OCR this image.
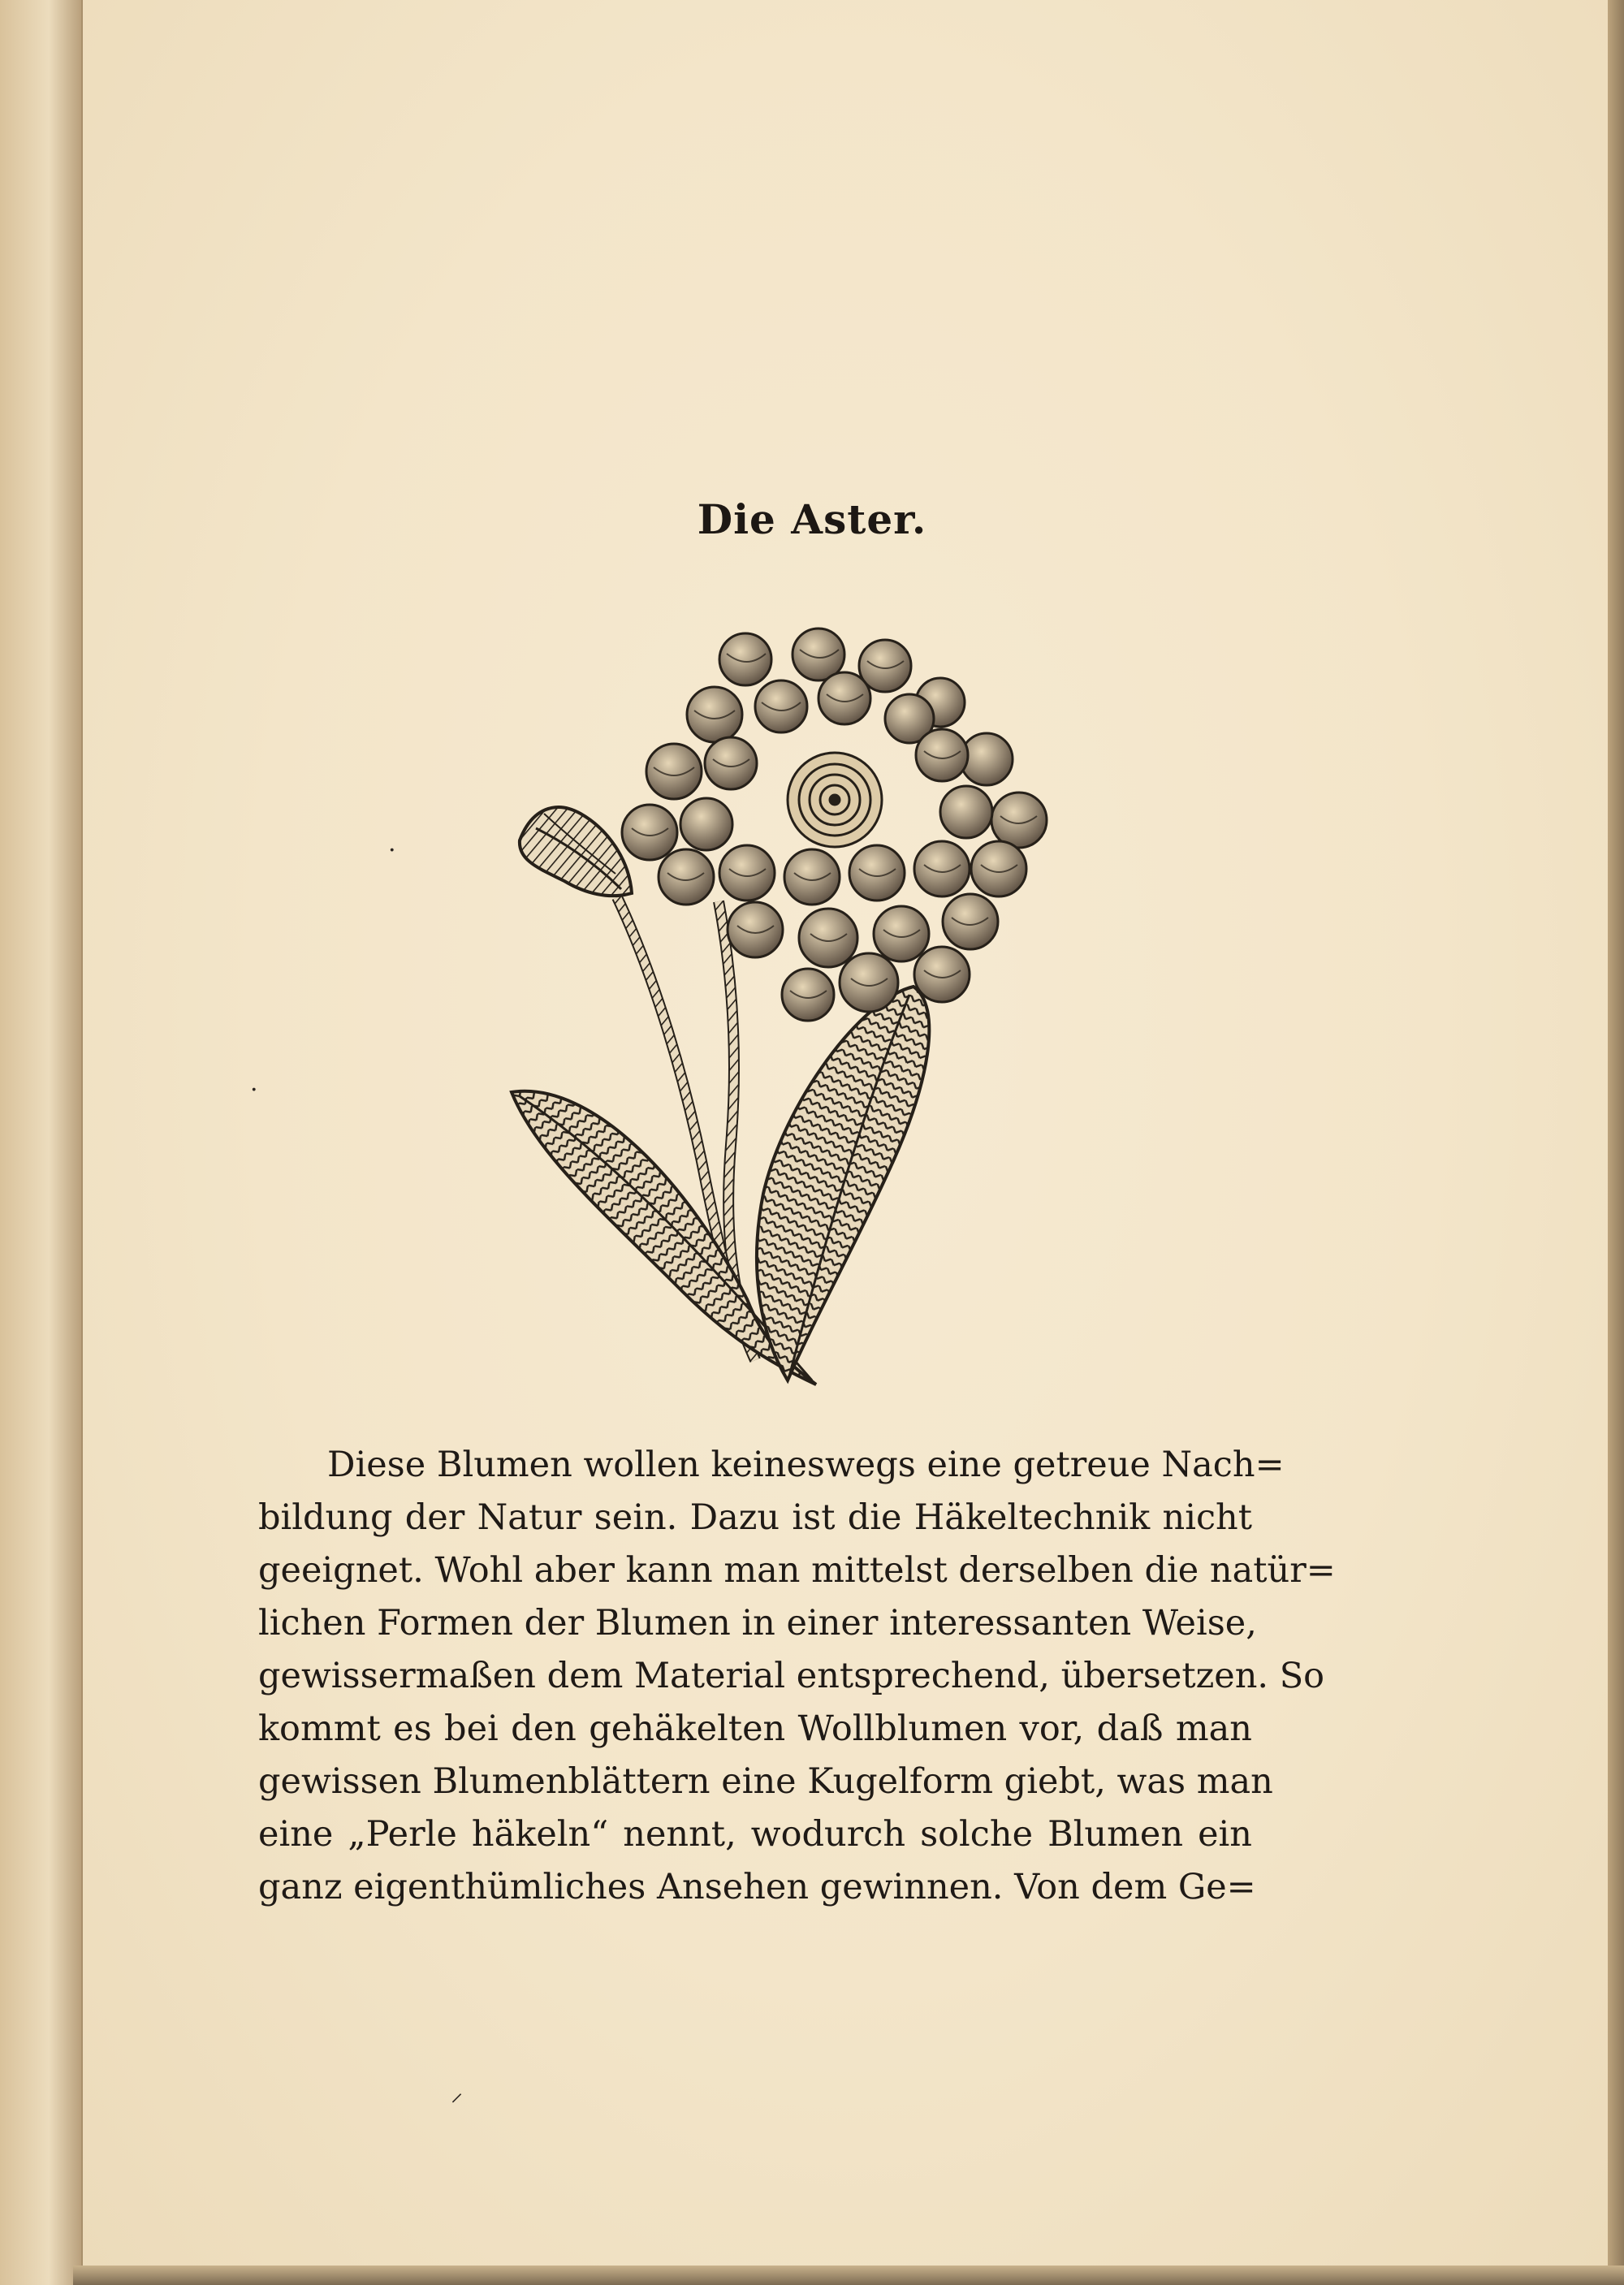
Die Aster.
Diese Blumen wollen keineswegs eine getreue Nach=
bildung der Natur sein. Dazu ist die Häkeltechnik nicht
geeignet. Wohl aber kann man mittelst derselben die natür=
lichen Formen der Blumen in einer interessanten Weise,
gewissermaßen dem Material entsprechend, übersetzen. So
kommt es bei den gehäkelten Wollblumen vor, daß man
gewissen Blumenblättern eine Kugelform giebt, was man
eine „Perle häkeln“ nennt, wodurch solche Blumen ein
ganz eigenthümliches Ansehen gewinnen. Von dem Ge=
·
·
⸝
